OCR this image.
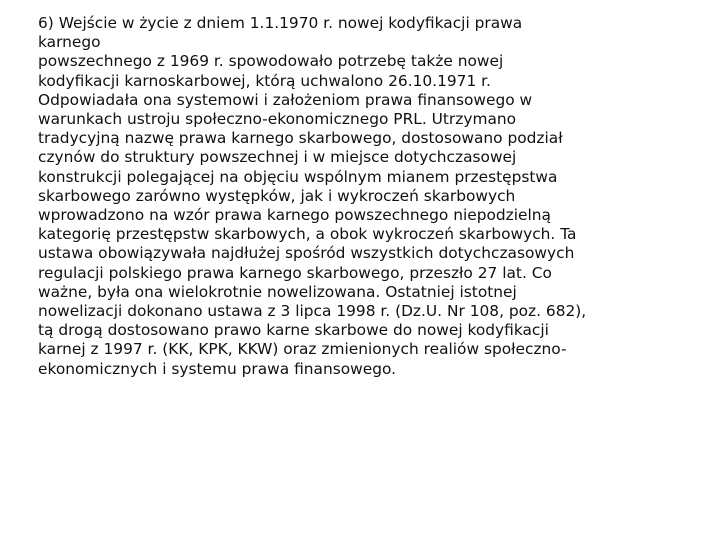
6) Wejście w życie z dniem 1.1.1970 r. nowej kodyfikacji prawa
karnego
powszechnego z 1969 r. spowodowało potrzebę także nowej
kodyfikacji karnoskarbowej, którą uchwalono 26.10.1971 r.
Odpowiadała ona systemowi i założeniom prawa finansowego w
warunkach ustroju społeczno-ekonomicznego PRL. Utrzymano
tradycyjną nazwę prawa karnego skarbowego, dostosowano podział
czynów do struktury powszechnej i w miejsce dotychczasowej
konstrukcji polegającej na objęciu wspólnym mianem przestępstwa
skarbowego zarówno występków, jak i wykroczeń skarbowych
wprowadzono na wzór prawa karnego powszechnego niepodzielną
kategorię przestępstw skarbowych, a obok wykroczeń skarbowych. Ta
ustawa obowiązywała najdłużej spośród wszystkich dotychczasowych
regulacji polskiego prawa karnego skarbowego, przeszło 27 lat. Co
ważne, była ona wielokrotnie nowelizowana. Ostatniej istotnej
nowelizacji dokonano ustawa z 3 lipca 1998 r. (Dz.U. Nr 108, poz. 682),
tą drogą dostosowano prawo karne skarbowe do nowej kodyfikacji
karnej z 1997 r. (KK, KPK, KKW) oraz zmienionych realiów społeczno-
ekonomicznych i systemu prawa finansowego.
